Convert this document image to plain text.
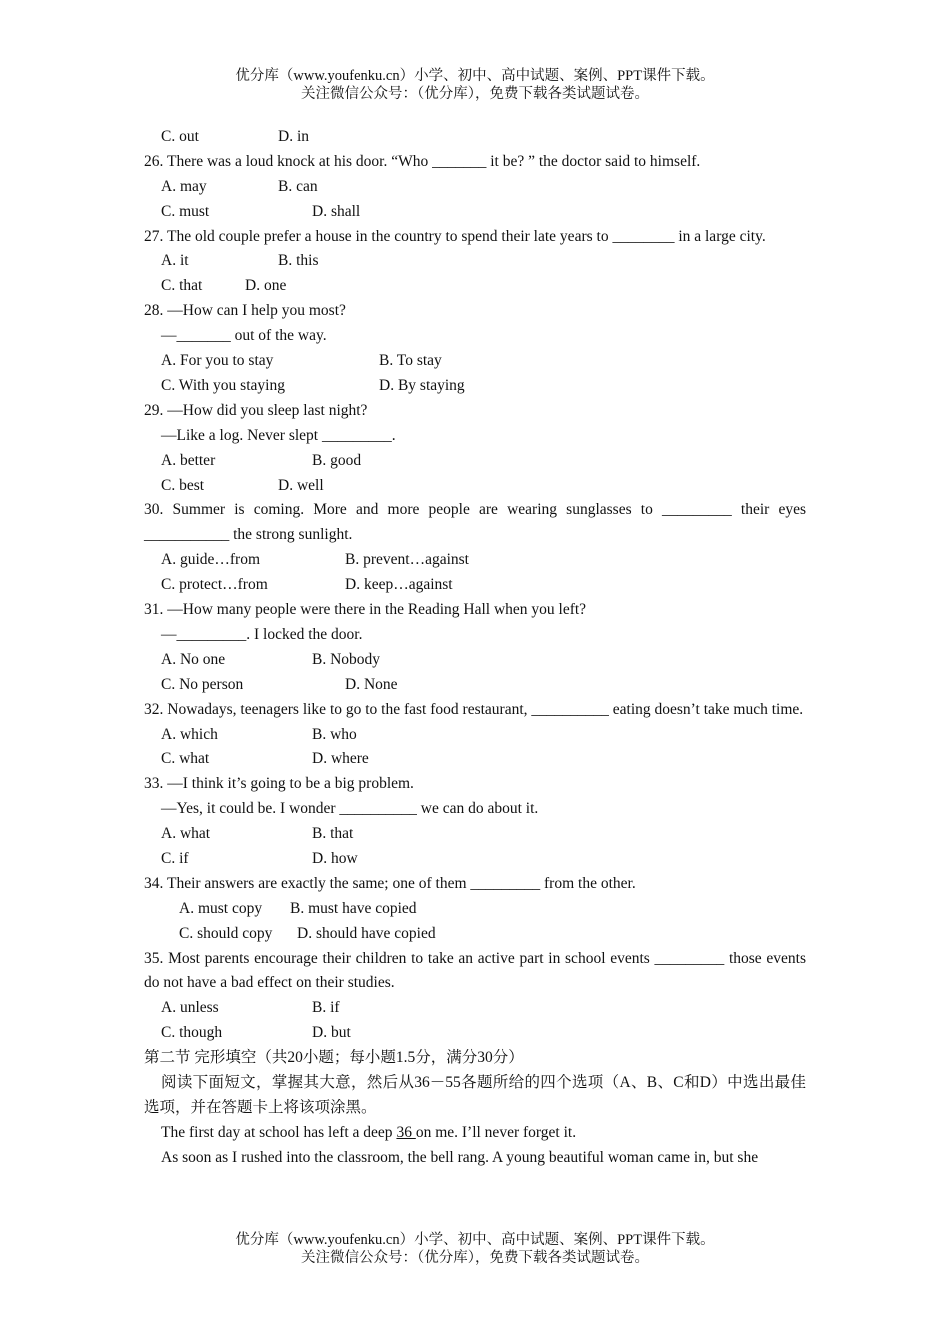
优分库（www.youfenku.cn）小学、初中、高中试题、案例、PPT课件下载。
关注微信公众号：（优分库），免费下载各类试题试卷。
C. out	D. in
26. There was a loud knock at his door. “Who _______ it be? ” the doctor said to himself.
A. may	B. can
C. must	D. shall
27. The old couple prefer a house in the country to spend their late years to ________ in a large city.
A. it	B. this
C. that	D. one
28. —How can I help you most?
—_______ out of the way.
A. For you to stay	B. To stay
C. With you staying	D. By staying
29. —How did you sleep last night?
—Like a log. Never slept _________.
A. better	B. good
C. best	D. well
30. Summer is coming. More and more people are wearing sunglasses to _________ their eyes ___________ the strong sunlight.
A. guide…from	B. prevent…against
C. protect…from	D. keep…against
31. —How many people were there in the Reading Hall when you left?
—_________. I locked the door.
A. No one	B. Nobody
C. No person	D. None
32. Nowadays, teenagers like to go to the fast food restaurant, __________ eating doesn’t take much time.
A. which	B. who
C. what	D. where
33. —I think it’s going to be a big problem.
—Yes, it could be. I wonder __________ we can do about it.
A. what	B. that
C. if	D. how
34. Their answers are exactly the same; one of them _________ from the other.
A. must copy B. must have copied
C. should copy D. should have copied
35. Most parents encourage their children to take an active part in school events _________ those events do not have a bad effect on their studies.
A. unless	B. if
C. though	D. but
第二节 完形填空（共20小题；每小题1.5分，满分30分）
阅读下面短文，掌握其大意，然后从36－55各题所给的四个选项（A、B、C和D）中选出最佳选项，并在答题卡上将该项涂黑。
The first day at school has left a deep 36 on me. I’ll never forget it.
As soon as I rushed into the classroom, the bell rang. A young beautiful woman came in, but she
优分库（www.youfenku.cn）小学、初中、高中试题、案例、PPT课件下载。
关注微信公众号：（优分库），免费下载各类试题试卷。
